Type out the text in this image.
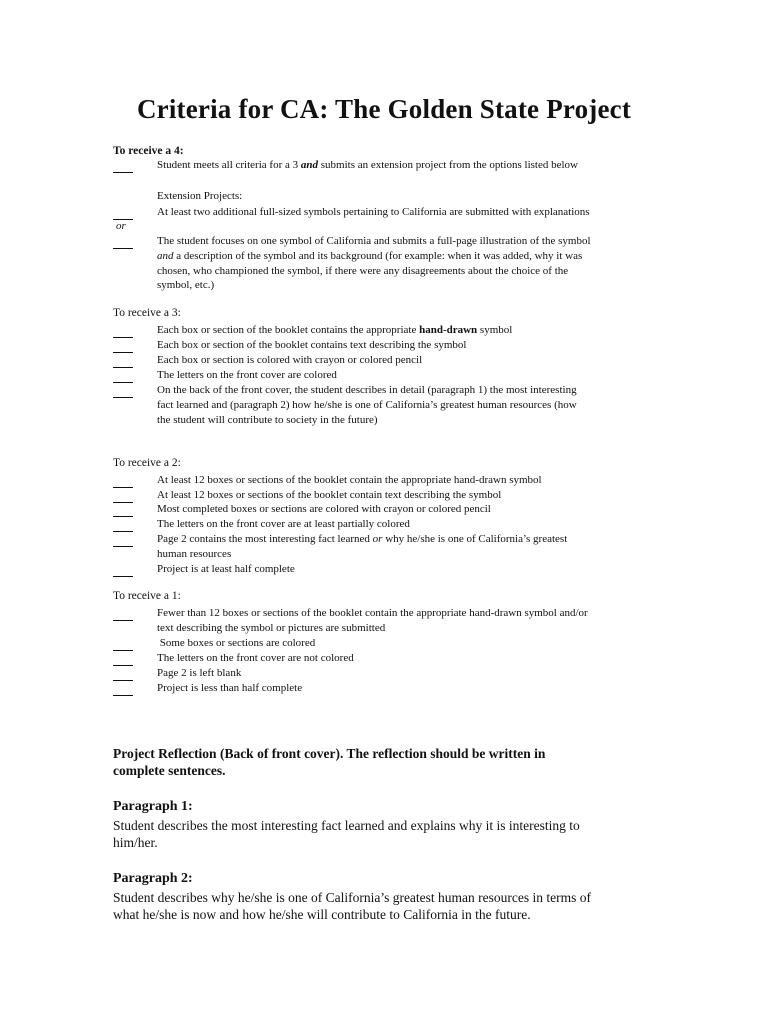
Criteria for CA: The Golden State Project
To receive a 4:
Student meets all criteria for a 3 and submits an extension project from the options listed below
Extension Projects:
At least two additional full-sized symbols pertaining to California are submitted with explanations
or
The student focuses on one symbol of California and submits a full-page illustration of the symbol
and a description of the symbol and its background (for example: when it was added, why it was
chosen, who championed the symbol, if there were any disagreements about the choice of the
symbol, etc.)
To receive a 3:
Each box or section of the booklet contains the appropriate hand-drawn symbol
Each box or section of the booklet contains text describing the symbol
Each box or section is colored with crayon or colored pencil
The letters on the front cover are colored
On the back of the front cover, the student describes in detail (paragraph 1) the most interesting
fact learned and (paragraph 2) how he/she is one of California’s greatest human resources (how
the student will contribute to society in the future)
To receive a 2:
At least 12 boxes or sections of the booklet contain the appropriate hand-drawn symbol
At least 12 boxes or sections of the booklet contain text describing the symbol
Most completed boxes or sections are colored with crayon or colored pencil
The letters on the front cover are at least partially colored
Page 2 contains the most interesting fact learned or why he/she is one of California’s greatest
human resources
Project is at least half complete
To receive a 1:
Fewer than 12 boxes or sections of the booklet contain the appropriate hand-drawn symbol and/or
text describing the symbol or pictures are submitted
Some boxes or sections are colored
The letters on the front cover are not colored
Page 2 is left blank
Project is less than half complete
Project Reflection (Back of front cover). The reflection should be written in
complete sentences.
Paragraph 1:
Student describes the most interesting fact learned and explains why it is interesting to
him/her.
Paragraph 2:
Student describes why he/she is one of California’s greatest human resources in terms of
what he/she is now and how he/she will contribute to California in the future.
